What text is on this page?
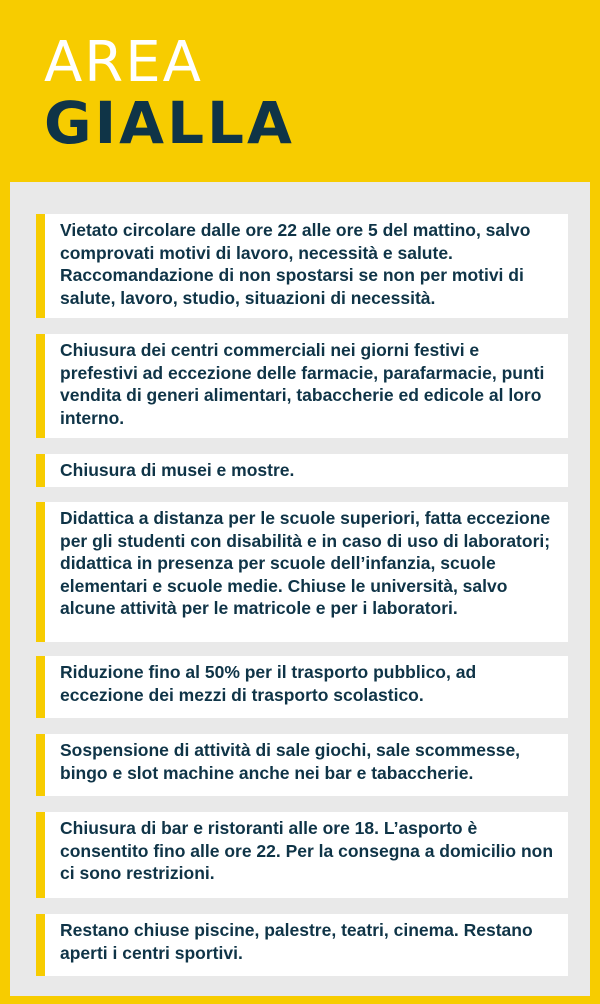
AREA
GIALLA
Vietato circolare dalle ore 22 alle ore 5 del mattino, salvo comprovati motivi di lavoro, necessità e salute. Raccomandazione di non spostarsi se non per motivi di salute, lavoro, studio, situazioni di necessità.
Chiusura dei centri commerciali nei giorni festivi e prefestivi ad eccezione delle farmacie, parafarmacie, punti vendita di generi alimentari, tabaccherie ed edicole al loro interno.
Chiusura di musei e mostre.
Didattica a distanza per le scuole superiori, fatta eccezione per gli studenti con disabilità e in caso di uso di laboratori; didattica in presenza per scuole dell’infanzia, scuole elementari e scuole medie. Chiuse le università, salvo alcune attività per le matricole e per i laboratori.
Riduzione fino al 50% per il trasporto pubblico, ad eccezione dei mezzi di trasporto scolastico.
Sospensione di attività di sale giochi, sale scommesse, bingo e slot machine anche nei bar e tabaccherie.
Chiusura di bar e ristoranti alle ore 18. L’asporto è consentito fino alle ore 22. Per la consegna a domicilio non ci sono restrizioni.
Restano chiuse piscine, palestre, teatri, cinema. Restano aperti i centri sportivi.
